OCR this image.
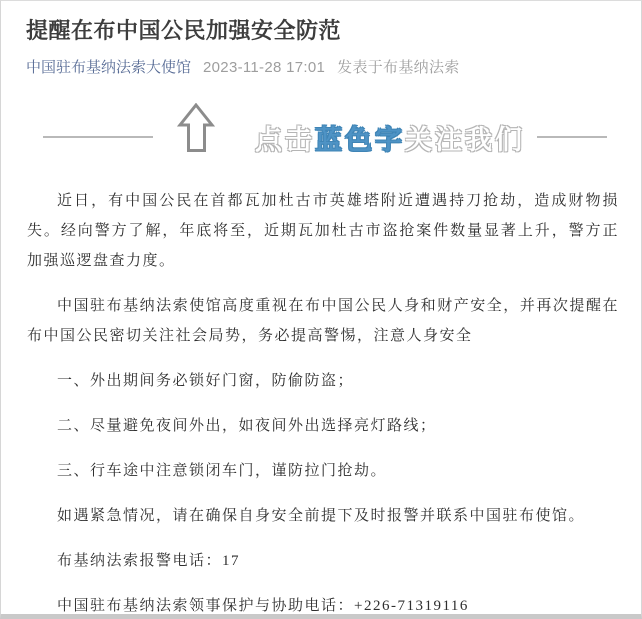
提醒在布中国公民加强安全防范
中国驻布基纳法索大使馆 2023-11-28 17:01 发表于布基纳法索
点击蓝色字关注我们

近日，有中国公民在首都瓦加杜古市英雄塔附近遭遇持刀抢劫，造成财物损失。经向警方了解，年底将至，近期瓦加杜古市盗抢案件数量显著上升，警方正加强巡逻盘查力度。

中国驻布基纳法索使馆高度重视在布中国公民人身和财产安全，并再次提醒在布中国公民密切关注社会局势，务必提高警惕，注意人身安全

一、外出期间务必锁好门窗，防偷防盗；

二、尽量避免夜间外出，如夜间外出选择亮灯路线；

三、行车途中注意锁闭车门，谨防拉门抢劫。

如遇紧急情况，请在确保自身安全前提下及时报警并联系中国驻布使馆。

布基纳法索报警电话：17

中国驻布基纳法索领事保护与协助电话：+226-71319116
